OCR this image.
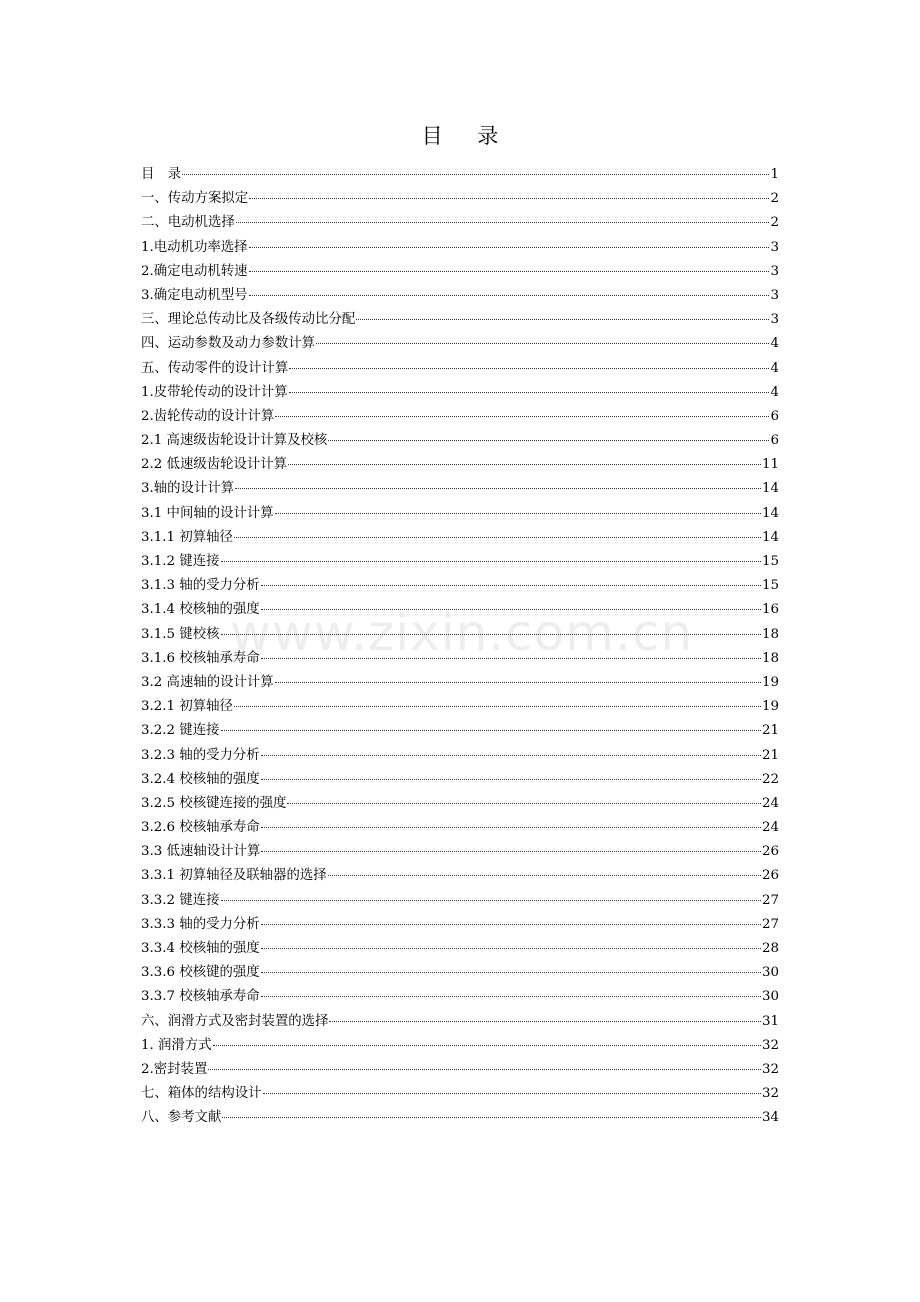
目 录
目　录	1
一、传动方案拟定	2
二、电动机选择	2
1.电动机功率选择	3
2.确定电动机转速	3
3.确定电动机型号	3
三、理论总传动比及各级传动比分配	3
四、运动参数及动力参数计算	4
五、传动零件的设计计算	4
1.皮带轮传动的设计计算	4
2.齿轮传动的设计计算	6
2.1 高速级齿轮设计计算及校核	6
2.2 低速级齿轮设计计算	11
3.轴的设计计算	14
3.1 中间轴的设计计算	14
3.1.1 初算轴径	14
3.1.2 键连接	15
3.1.3 轴的受力分析	15
3.1.4 校核轴的强度	16
3.1.5 键校核	18
3.1.6 校核轴承寿命	18
3.2 高速轴的设计计算	19
3.2.1 初算轴径	19
3.2.2 键连接	21
3.2.3 轴的受力分析	21
3.2.4 校核轴的强度	22
3.2.5 校核键连接的强度	24
3.2.6 校核轴承寿命	24
3.3 低速轴设计计算	26
3.3.1 初算轴径及联轴器的选择	26
3.3.2 键连接	27
3.3.3 轴的受力分析	27
3.3.4 校核轴的强度	28
3.3.6 校核键的强度	30
3.3.7 校核轴承寿命	30
六、润滑方式及密封装置的选择	31
1. 润滑方式	32
2.密封装置	32
七、箱体的结构设计	32
八、参考文献	34
www.zixin.com.cn
